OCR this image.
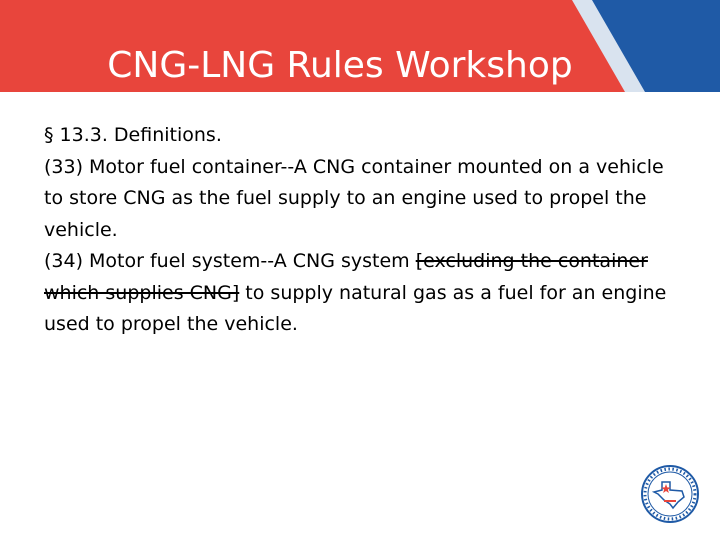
CNG-LNG Rules Workshop

§ 13.3. Definitions.

(33) Motor fuel container--A CNG container mounted on a vehicle to store CNG as the fuel supply to an engine used to propel the vehicle.

(34) Motor fuel system--A CNG system [excluding the container which supplies CNG] to supply natural gas as a fuel for an engine used to propel the vehicle.
